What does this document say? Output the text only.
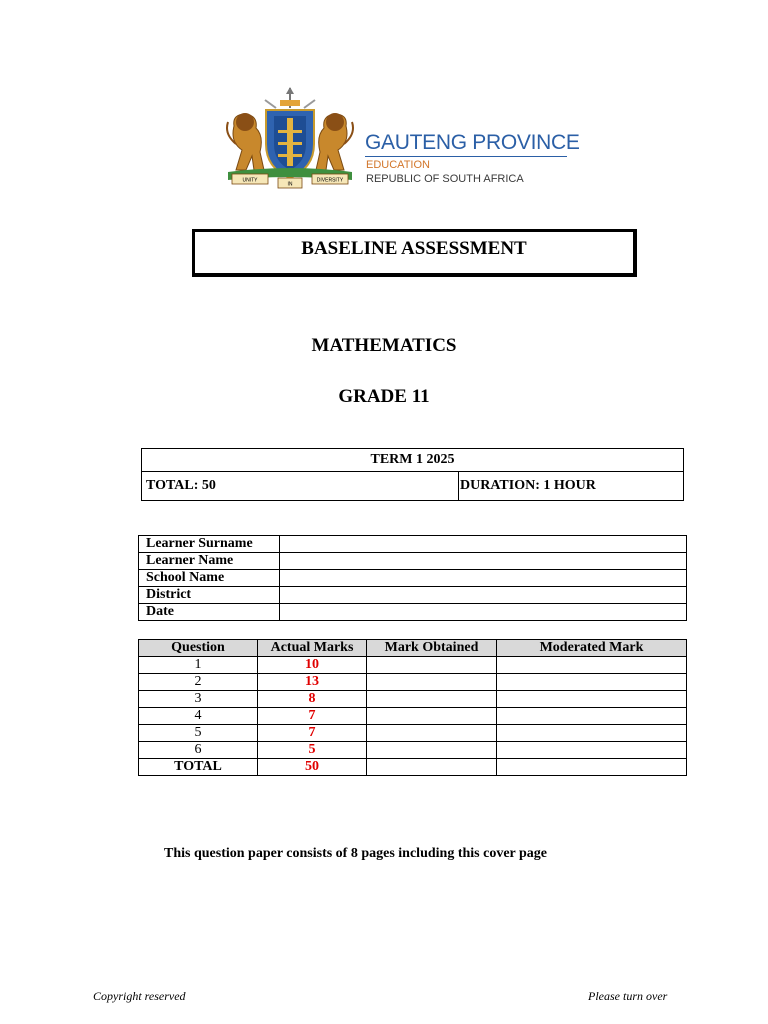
UNITY
IN
DIVERSITY
GAUTENG PROVINCE
EDUCATION
REPUBLIC OF SOUTH AFRICA
BASELINE ASSESSMENT
MATHEMATICS
GRADE 11
TERM 1 2025
TOTAL: 50	DURATION: 1 HOUR
Learner Surname	
Learner Name	
School Name	
District	
Date	
Question	Actual Marks	Mark Obtained	Moderated Mark
1	10		
2	13		
3	8		
4	7		
5	7		
6	5		
TOTAL	50		
This question paper consists of 8 pages including this cover page
Copyright reserved	Please turn over
